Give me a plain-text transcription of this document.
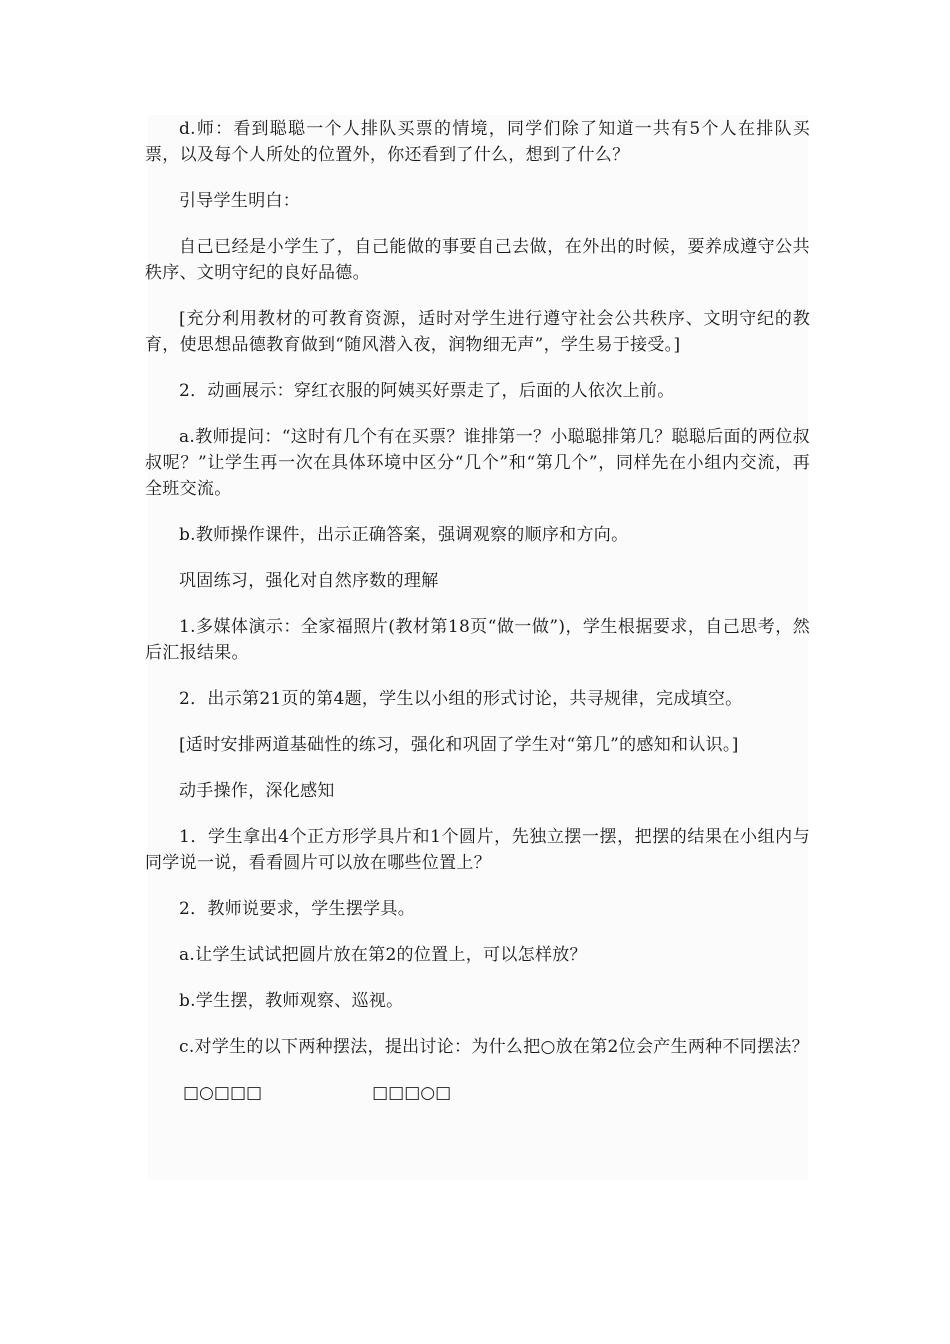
d.师：看到聪聪一个人排队买票的情境，同学们除了知道一共有5个人在排队买票，以及每个人所处的位置外，你还看到了什么，想到了什么？

引导学生明白：

自己已经是小学生了，自己能做的事要自己去做，在外出的时候，要养成遵守公共秩序、文明守纪的良好品德。

[充分利用教材的可教育资源，适时对学生进行遵守社会公共秩序、文明守纪的教育，使思想品德教育做到“随风潜入夜，润物细无声”，学生易于接受。]

2．动画展示：穿红衣服的阿姨买好票走了，后面的人依次上前。

a.教师提问：“这时有几个有在买票？谁排第一？小聪聪排第几？聪聪后面的两位叔叔呢？”让学生再一次在具体环境中区分“几个”和“第几个”，同样先在小组内交流，再全班交流。

b.教师操作课件，出示正确答案，强调观察的顺序和方向。

巩固练习，强化对自然序数的理解

1.多媒体演示：全家福照片(教材第18页“做一做”)，学生根据要求，自己思考，然后汇报结果。

2．出示第21页的第4题，学生以小组的形式讨论，共寻规律，完成填空。

[适时安排两道基础性的练习，强化和巩固了学生对“第几”的感知和认识。]

动手操作，深化感知

1．学生拿出4个正方形学具片和1个圆片，先独立摆一摆，把摆的结果在小组内与同学说一说，看看圆片可以放在哪些位置上？

2．教师说要求，学生摆学具。

a.让学生试试把圆片放在第2的位置上，可以怎样放？

b.学生摆，教师观察、巡视。

c.对学生的以下两种摆法，提出讨论：为什么把○放在第2位会产生两种不同摆法？

□○□□□	□□□○□
